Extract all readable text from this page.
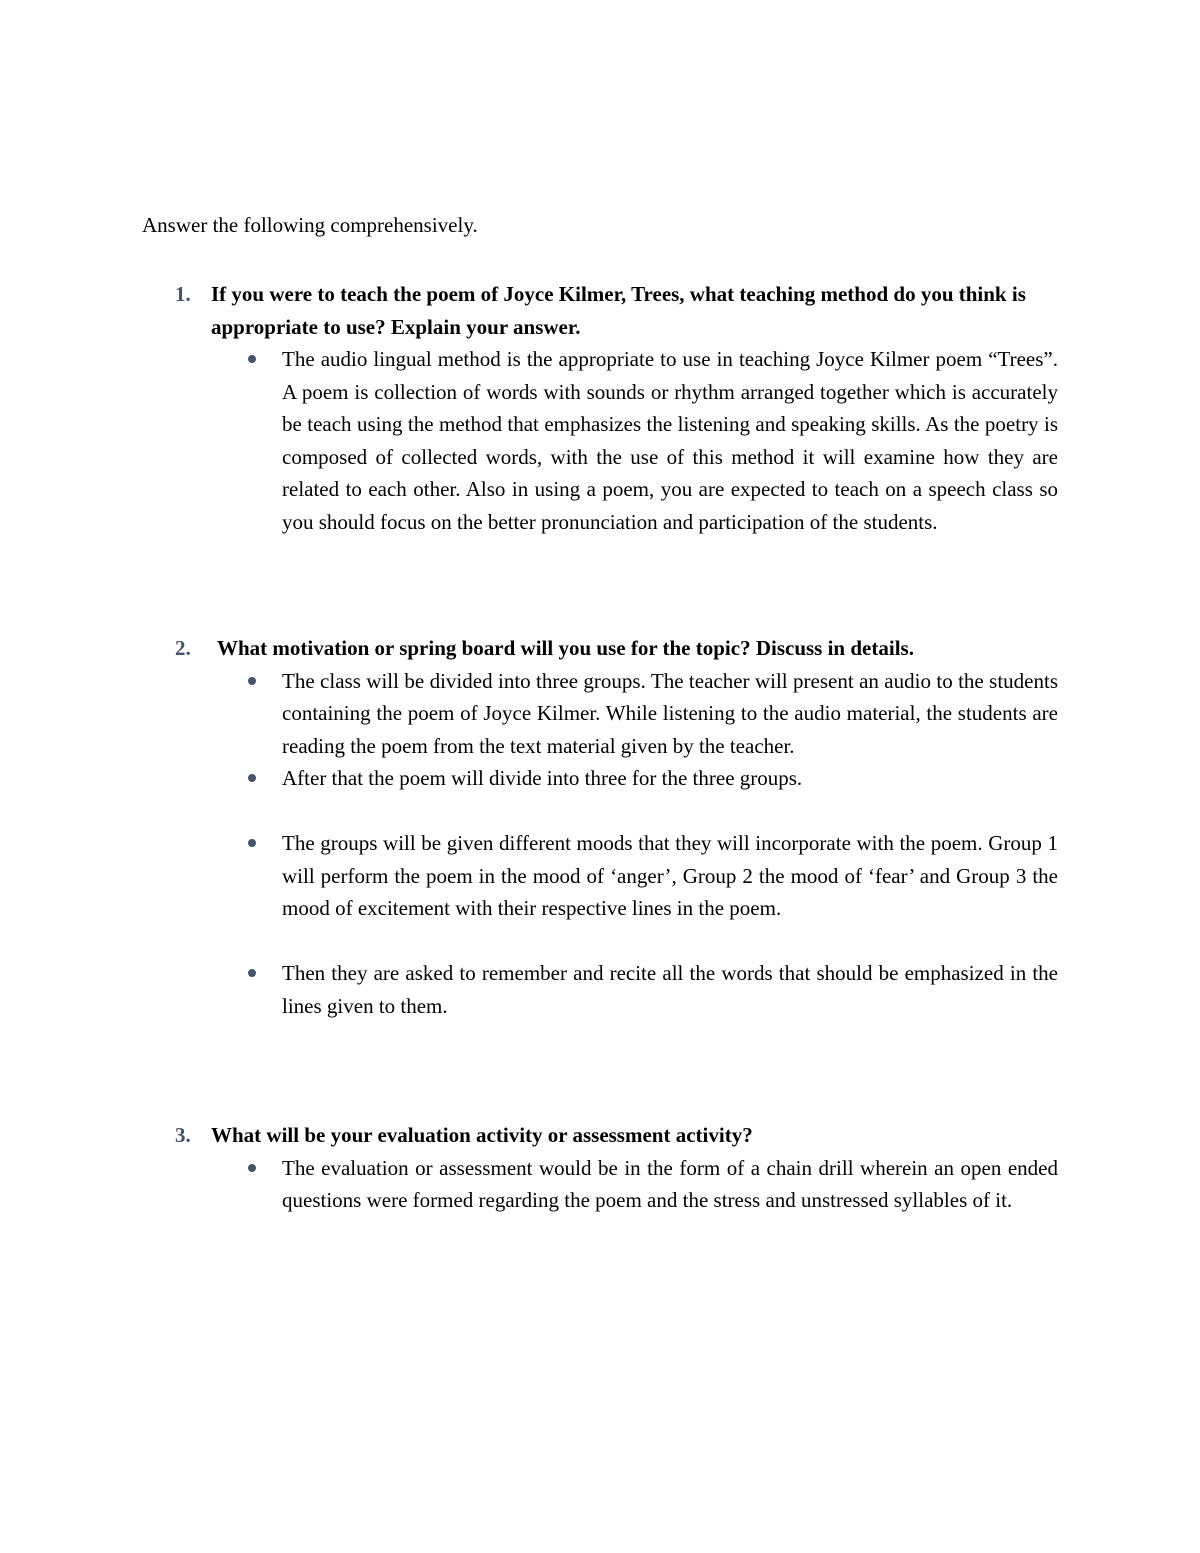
Answer the following comprehensively.

1. If you were to teach the poem of Joyce Kilmer, Trees, what teaching method do you think is appropriate to use? Explain your answer.
The audio lingual method is the appropriate to use in teaching Joyce Kilmer poem “Trees”. A poem is collection of words with sounds or rhythm arranged together which is accurately be teach using the method that emphasizes the listening and speaking skills. As the poetry is composed of collected words, with the use of this method it will examine how they are related to each other. Also in using a poem, you are expected to teach on a speech class so you should focus on the better pronunciation and participation of the students.
2. What motivation or spring board will you use for the topic? Discuss in details.
The class will be divided into three groups. The teacher will present an audio to the students containing the poem of Joyce Kilmer. While listening to the audio material, the students are reading the poem from the text material given by the teacher.
After that the poem will divide into three for the three groups.
The groups will be given different moods that they will incorporate with the poem. Group 1 will perform the poem in the mood of ‘anger’, Group 2 the mood of ‘fear’ and Group 3 the mood of excitement with their respective lines in the poem.
Then they are asked to remember and recite all the words that should be emphasized in the lines given to them.
3. What will be your evaluation activity or assessment activity?
The evaluation or assessment would be in the form of a chain drill wherein an open ended questions were formed regarding the poem and the stress and unstressed syllables of it.
